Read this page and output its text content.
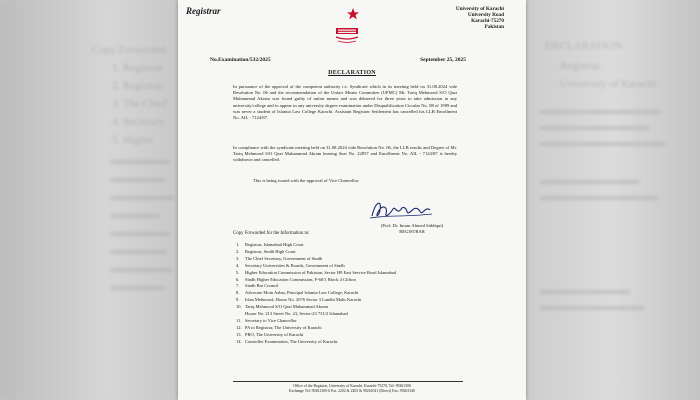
Copy Forwarded
1. Registrar
2. Registrar
3. The Chief
4. Secretary
5. Higher
DECLARATION
Registrar
University of Karachi
Registrar	University of Karachi
University Road
Karachi-75270
Pakistan
No.Examination/532/2025	September 25, 2025
DECLARATION
In pursuance of the approval of the competent authority i.e. Syndicate which in its meeting held on 31.08.2024 vide Resolution No. 06 and the recommendation of the Unfair Means Committee (UFMC) Mr. Tariq Mehmood S/O Qazi Muhammad Akram was found guilty of unfair means and was debarred for three years to take admission in any university/college and to appear in any university degree examination under Disqualification Circular No. 88 of 1989 and was never a student of Islamia Law College Karachi. Assistant Registrar Settlement has cancelled his LLB Enrollment No. AIL - 7124/87.
In compliance with the syndicate meeting held on 31.08.2024 vide Resolution No. 06, the LLB results and Degree of Mr. Tariq Mehmood S/O Qazi Muhammad Akram bearing Seat No. 22857 and Enrollment No. AIL - 7124/87 is hereby withdrawn and cancelled.
This is being issued with the approval of Vice Chancellor.
(Prof. Dr. Imran Ahmed Siddiqui)
REGISTRAR
Copy Forwarded for the Information to:
1. Registrar, Islamabad High Court
2. Registrar, Sindh High Court
3. The Chief Secretary, Government of Sindh
4. Secretary Universities & Boards, Government of Sindh
5. Higher Education Commission of Pakistan, Sector H9 East Service Road Islamabad
6. Sindh Higher Education Commission, F-60/1 Block 4 Clifton
7. Sindh Bar Council
8. Advocate Moin Azhar, Principal Islamia Law College, Karachi
9. Irfan Mehmood, House No. 2076 Sector 3 Landhi Malir Karachi
10. Tariq Mehmood S/O Qazi Muhammad Akram
House No. 213 Street No. 23, Sector-23 731/2 Islamabad
11. Secretary to Vice Chancellor
12. PA to Registrar, The University of Karachi
13. PRO, The University of Karachi
14. Controller Examination, The University of Karachi.
Office of the Registrar, University of Karachi, Karachi-75270, Tel: 99261300
Exchange Tel: 99261300-6 Ext. 2202 & 2203 & 99261041 (Direct) Fax: 99261340
